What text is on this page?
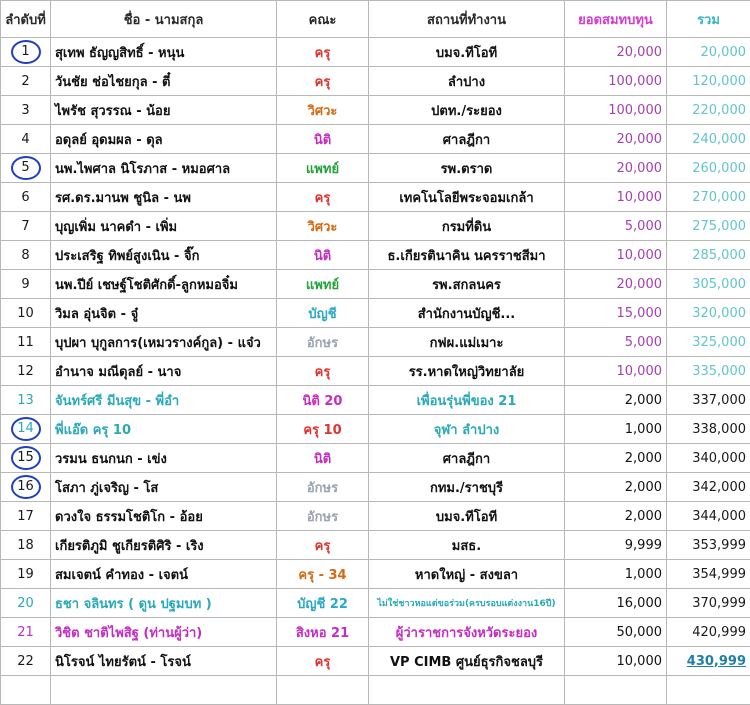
ลำดับที่	ชื่อ - นามสกุล	คณะ	สถานที่ทำงาน	ยอดสมทบทุน	รวม
1	สุเทพ ธัญญสิทธิ์ - หนุน	ครุ	บมจ.ทีโอที	20,000	20,000
2	วันชัย ช่อไชยกุล - ตี๋	ครุ	ลำปาง	100,000	120,000
3	ไพรัช สุวรรณ - น้อย	วิศวะ	ปตท./ระยอง	100,000	220,000
4	อดุลย์ อุดมผล - ดุล	นิติ	ศาลฎีกา	20,000	240,000
5	นพ.ไพศาล นิโรภาส - หมอศาล	แพทย์	รพ.ตราด	20,000	260,000
6	รศ.ดร.มานพ ชูนิล - นพ	ครุ	เทคโนโลยีพระจอมเกล้า	10,000	270,000
7	บุญเพิ่ม นาคดำ - เพิ่ม	วิศวะ	กรมที่ดิน	5,000	275,000
8	ประเสริฐ ทิพย์สูงเนิน - จิ๊ก	นิติ	ธ.เกียรตินาคิน นครราชสีมา	10,000	285,000
9	นพ.ปีย์ เชษฐ์โชติศักดิ์-ลูกหมอจิ๋ม	แพทย์	รพ.สกลนคร	20,000	305,000
10	วิมล อุ่นจิต - จู๋	บัญชี	สำนักงานบัญชี...	15,000	320,000
11	บุปผา บุกูลการ(เหมวรางค์กูล) - แจ๋ว	อักษร	กฟผ.แม่เมาะ	5,000	325,000
12	อำนาจ มณีดุลย์ - นาจ	ครุ	รร.หาดใหญ่วิทยาลัย	10,000	335,000
13	จันทร์ศรี มีนสุข - พี่อำ	นิติ 20	เพื่อนรุ่นพี่ของ 21	2,000	337,000
14	พี่แอ๊ด ครุ 10	ครุ 10	จุฬา ลำปาง	1,000	338,000
15	วรมน ธนกนก - เข่ง	นิติ	ศาลฎีกา	2,000	340,000
16	โสภา ภู่เจริญ - โส	อักษร	กทม./ราชบุรี	2,000	342,000
17	ดวงใจ ธรรมโชติโก - อ้อย	อักษร	บมจ.ทีโอที	2,000	344,000
18	เกียรติภูมิ ชูเกียรติศิริ - เริง	ครุ	มสธ.	9,999	353,999
19	สมเจตน์ คำทอง - เจตน์	ครุ - 34	หาดใหญ่ - สงขลา	1,000	354,999
20	ธชา จลินทร ( ดูน ปฐมบท )	บัญชี 22	ไม่ใช่ชาวหอแต่ขอร่วม(ครบรอบแต่งงาน16ปี)	16,000	370,999
21	วิชิต ชาติไพสิฐ (ท่านผู้ว่า)	สิงหอ 21	ผู้ว่าราชการจังหวัดระยอง	50,000	420,999
22	นิโรจน์ ไทยรัตน์ - โรจน์	ครุ	VP CIMB ศูนย์ธุรกิจชลบุรี	10,000	430,999
